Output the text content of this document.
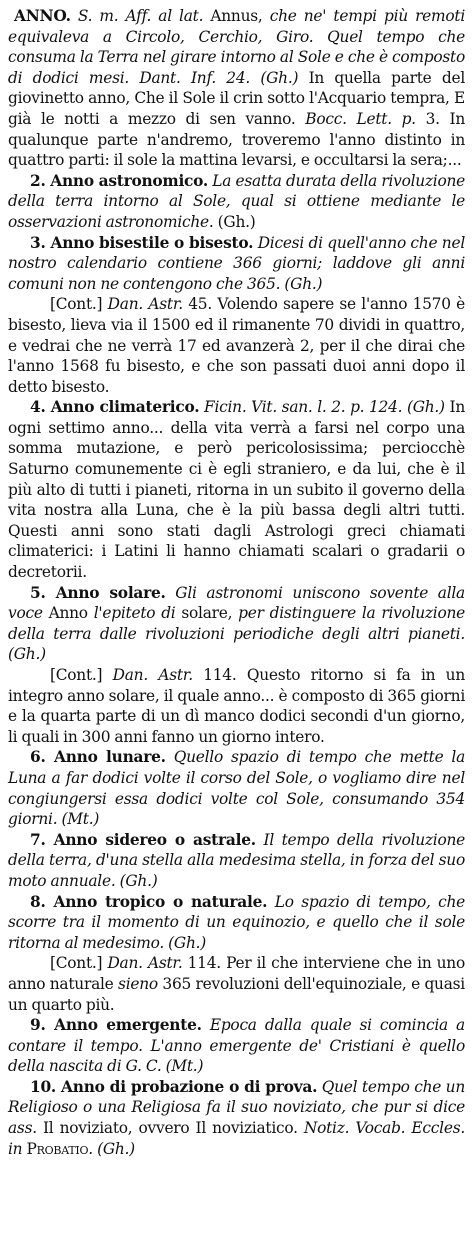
ANNO. S. m. Aff. al lat. Annus, che ne' tempi più remoti equivaleva a Circolo, Cerchio, Giro. Quel tempo che consuma la Terra nel girare intorno al Sole e che è composto di dodici mesi. Dant. Inf. 24. (Gh.) In quella parte del giovinetto anno, Che il Sole il crin sotto l'Acquario tempra, E già le notti a mezzo di sen vanno. Bocc. Lett. p. 3. In qualunque parte n'andremo, troveremo l'anno distinto in quattro parti: il sole la mattina levarsi, e occultarsi la sera;...

2. Anno astronomico. La esatta durata della rivoluzione della terra intorno al Sole, qual si ottiene mediante le osservazioni astronomiche. (Gh.)

3. Anno bisestile o bisesto. Dicesi di quell'anno che nel nostro calendario contiene 366 giorni; laddove gli anni comuni non ne contengono che 365. (Gh.)

[Cont.] Dan. Astr. 45. Volendo sapere se l'anno 1570 è bisesto, lieva via il 1500 ed il rimanente 70 dividi in quattro, e vedrai che ne verrà 17 ed avanzerà 2, per il che dirai che l'anno 1568 fu bisesto, e che son passati duoi anni dopo il detto bisesto.

4. Anno climaterico. Ficin. Vit. san. l. 2. p. 124. (Gh.) In ogni settimo anno... della vita verrà a farsi nel corpo una somma mutazione, e però pericolosissima; perciocchè Saturno comunemente ci è egli straniero, e da lui, che è il più alto di tutti i pianeti, ritorna in un subito il governo della vita nostra alla Luna, che è la più bassa degli altri tutti. Questi anni sono stati dagli Astrologi greci chiamati climaterici: i Latini li hanno chiamati scalari o gradarii o decretorii.

5. Anno solare. Gli astronomi uniscono sovente alla voce Anno l'epiteto di solare, per distinguere la rivoluzione della terra dalle rivoluzioni periodiche degli altri pianeti. (Gh.)

[Cont.] Dan. Astr. 114. Questo ritorno si fa in un integro anno solare, il quale anno... è composto di 365 giorni e la quarta parte di un dì manco dodici secondi d'un giorno, li quali in 300 anni fanno un giorno intero.

6. Anno lunare. Quello spazio di tempo che mette la Luna a far dodici volte il corso del Sole, o vogliamo dire nel congiungersi essa dodici volte col Sole, consumando 354 giorni. (Mt.)

7. Anno sidereo o astrale. Il tempo della rivoluzione della terra, d'una stella alla medesima stella, in forza del suo moto annuale. (Gh.)

8. Anno tropico o naturale. Lo spazio di tempo, che scorre tra il momento di un equinozio, e quello che il sole ritorna al medesimo. (Gh.)

[Cont.] Dan. Astr. 114. Per il che interviene che in uno anno naturale sieno 365 revoluzioni dell'equinoziale, e quasi un quarto più.

9. Anno emergente. Epoca dalla quale si comincia a contare il tempo. L'anno emergente de' Cristiani è quello della nascita di G. C. (Mt.)

10. Anno di probazione o di prova. Quel tempo che un Religioso o una Religiosa fa il suo noviziato, che pur si dice ass. Il noviziato, ovvero Il noviziatico. Notiz. Vocab. Eccles. in Probatio. (Gh.)
